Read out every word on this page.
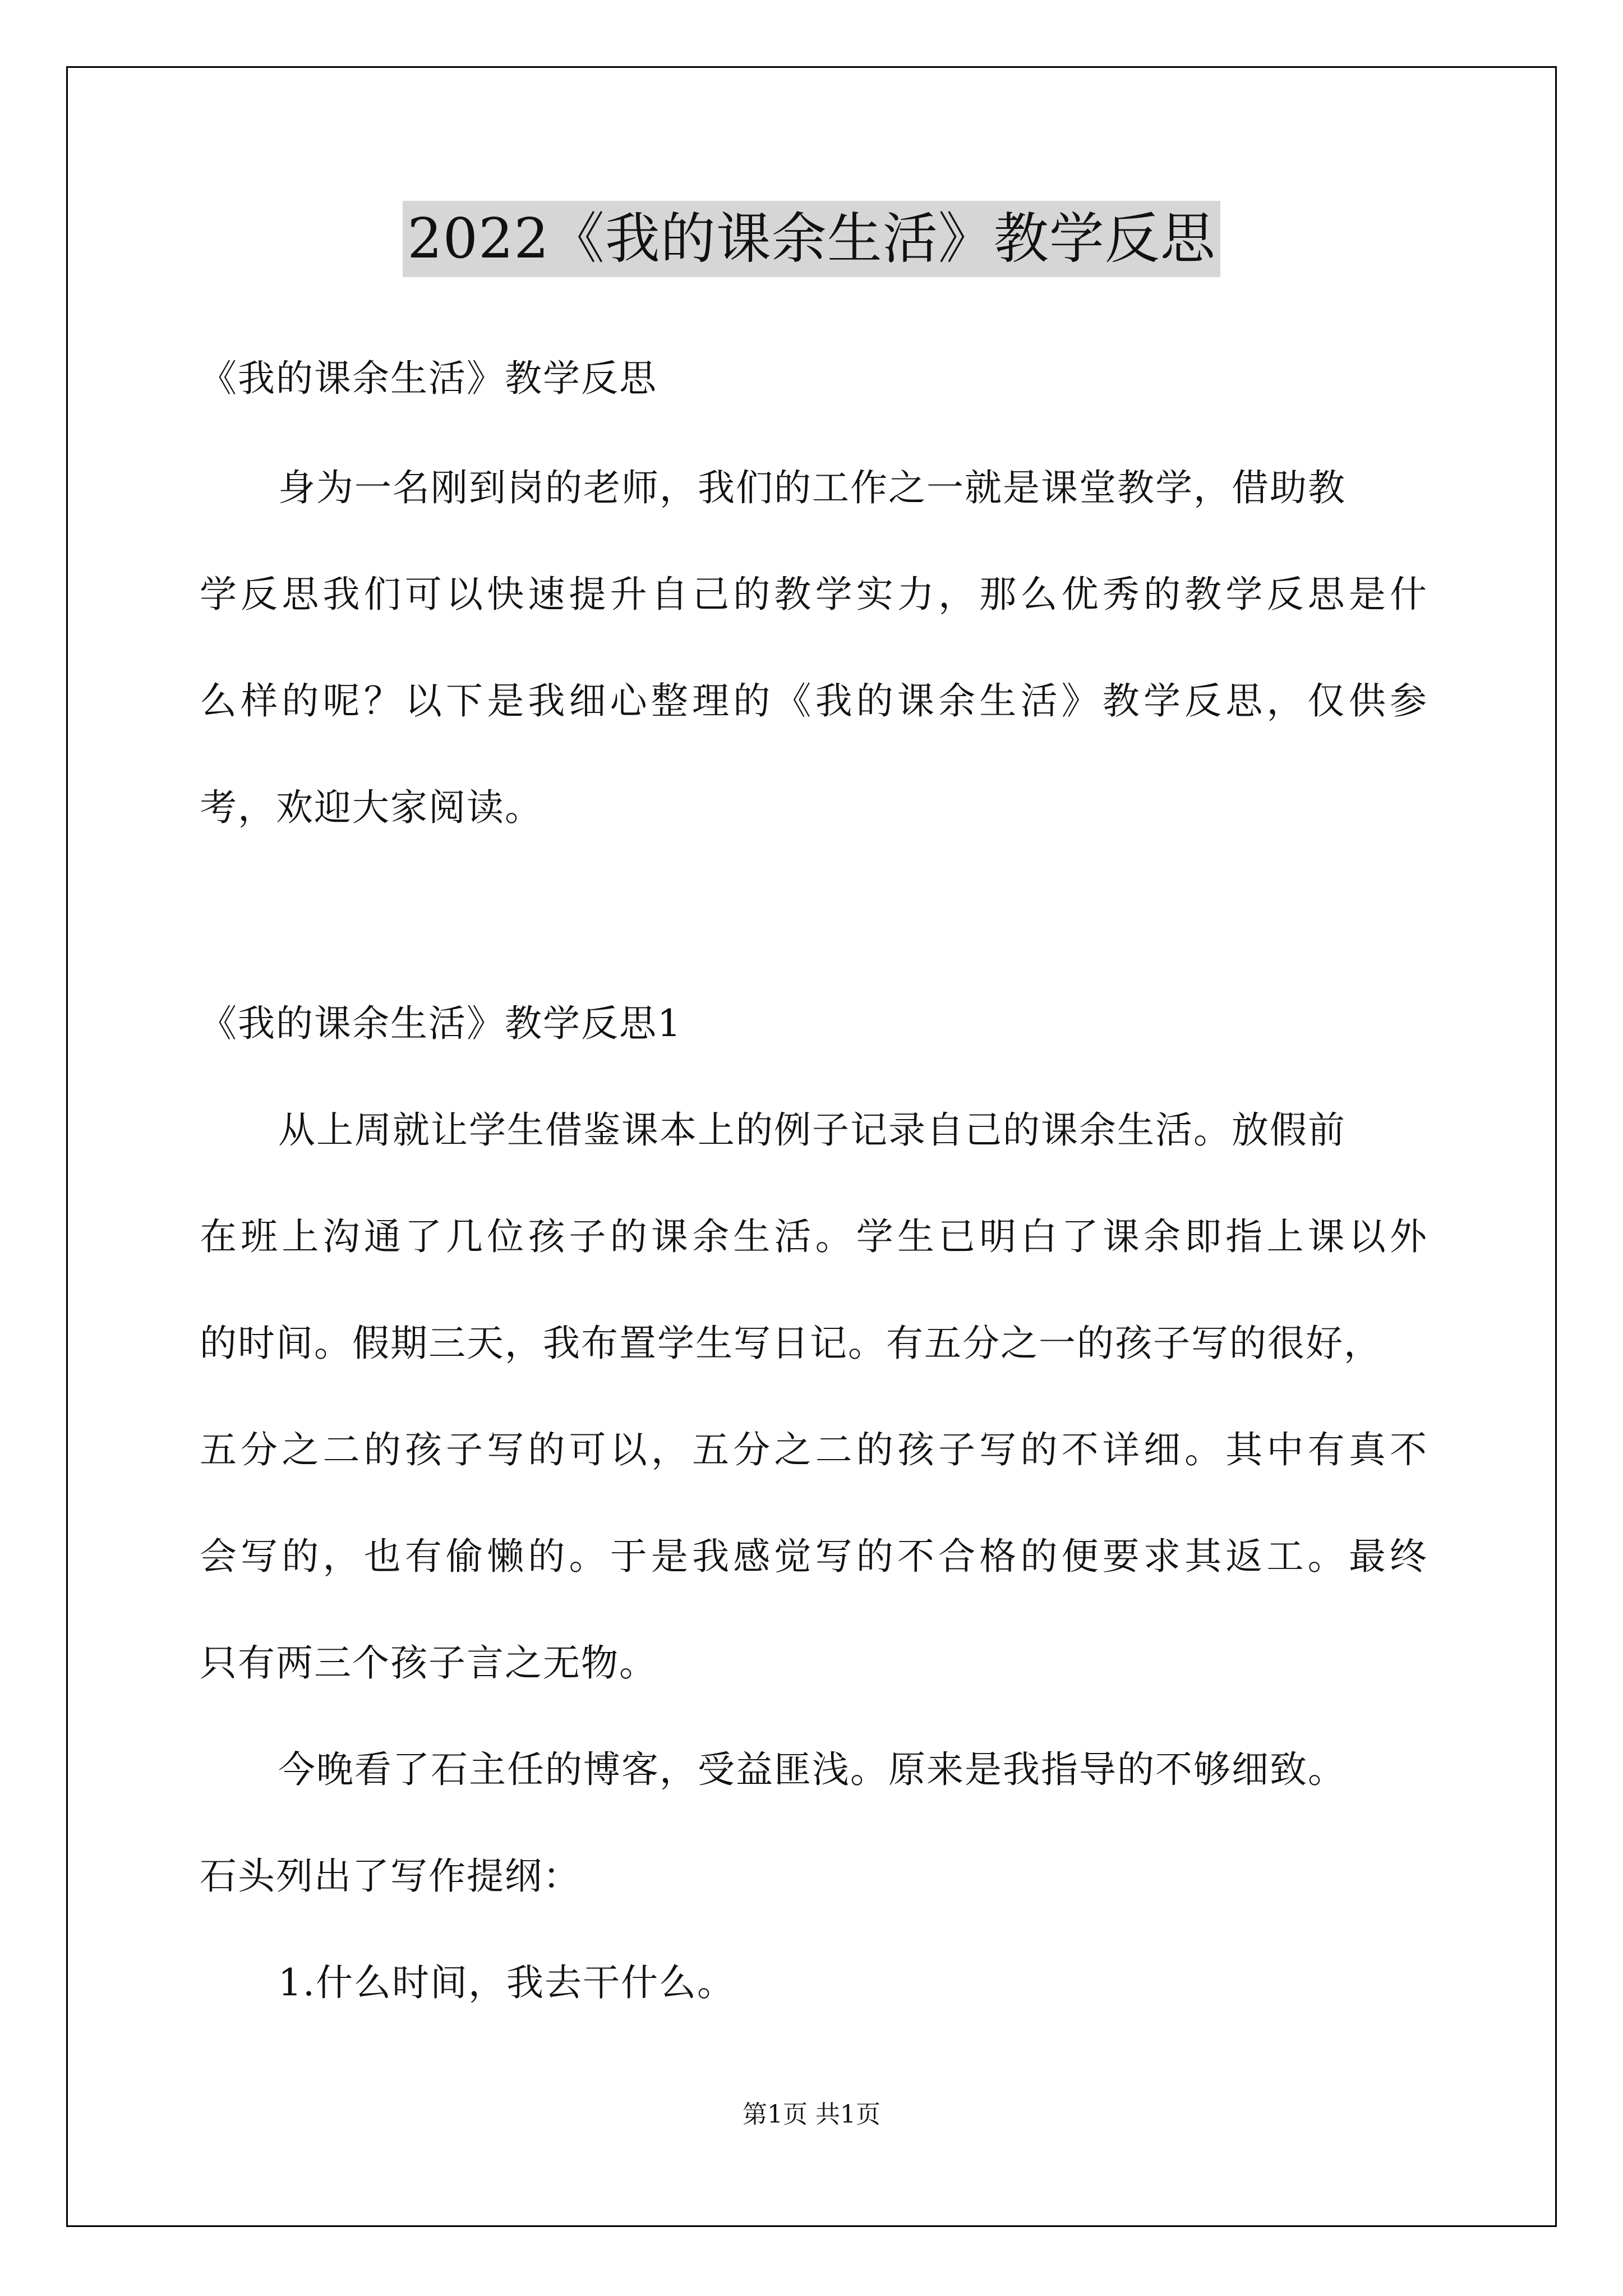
2022《我的课余生活》教学反思
《我的课余生活》教学反思
身为一名刚到岗的老师，我们的工作之一就是课堂教学，借助教
学反思我们可以快速提升自己的教学实力，那么优秀的教学反思是什
么样的呢？以下是我细心整理的《我的课余生活》教学反思，仅供参
考，欢迎大家阅读。
《我的课余生活》教学反思1
从上周就让学生借鉴课本上的例子记录自己的课余生活。放假前
在班上沟通了几位孩子的课余生活。学生已明白了课余即指上课以外
的时间。假期三天，我布置学生写日记。有五分之一的孩子写的很好，
五分之二的孩子写的可以，五分之二的孩子写的不详细。其中有真不
会写的，也有偷懒的。于是我感觉写的不合格的便要求其返工。最终
只有两三个孩子言之无物。
今晚看了石主任的博客，受益匪浅。原来是我指导的不够细致。
石头列出了写作提纲：
1.什么时间，我去干什么。
第1页 共1页
